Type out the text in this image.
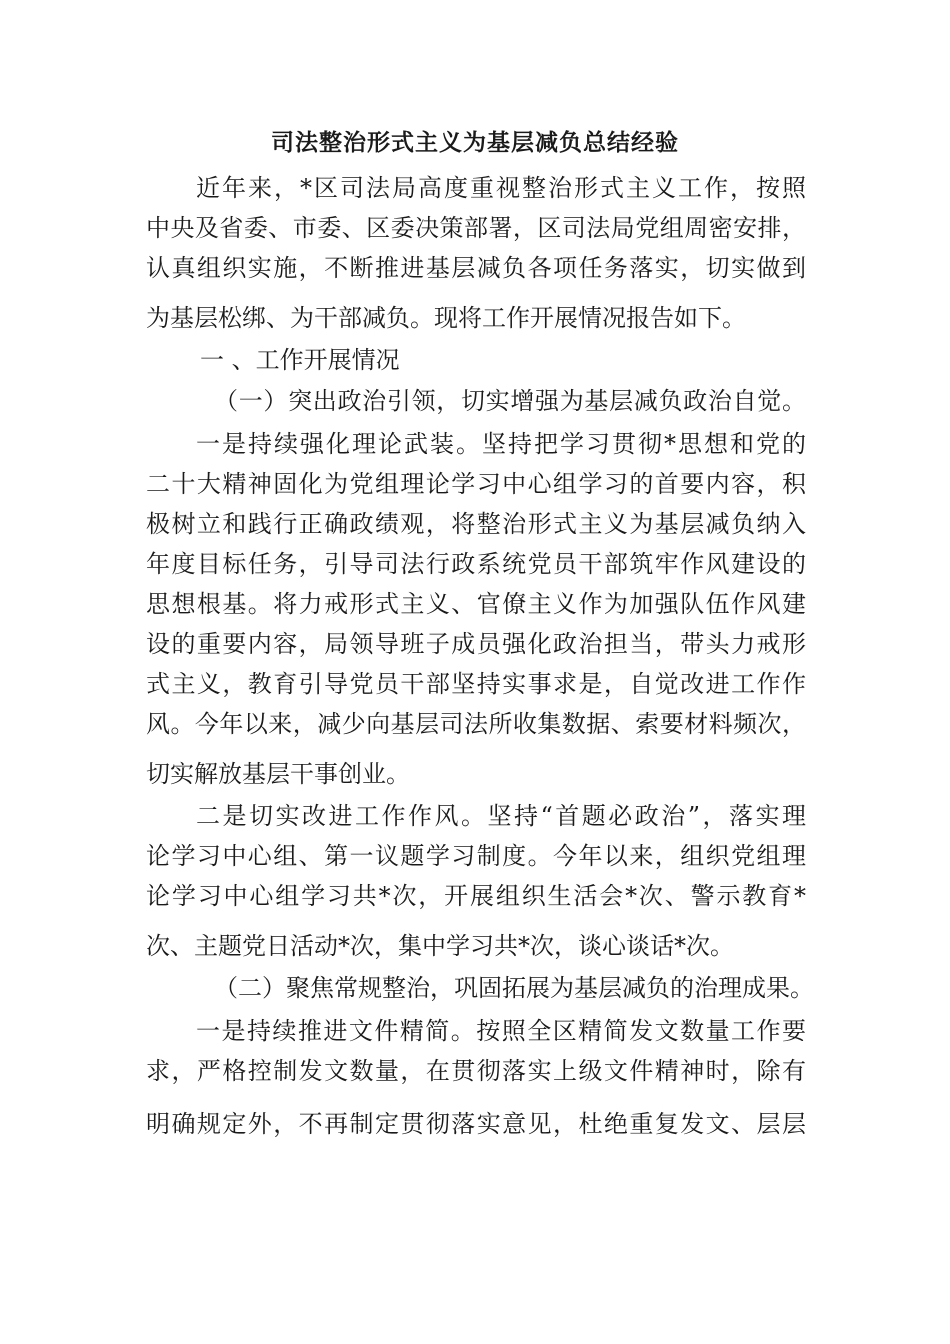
司法整治形式主义为基层减负总结经验
近年来，*区司法局高度重视整治形式主义工作，按照
中央及省委、市委、区委决策部署，区司法局党组周密安排，
认真组织实施，不断推进基层减负各项任务落实，切实做到
为基层松绑、为干部减负。现将工作开展情况报告如下。
一 、工作开展情况
（一）突出政治引领，切实增强为基层减负政治自觉。
一是持续强化理论武装。坚持把学习贯彻*思想和党的
二十大精神固化为党组理论学习中心组学习的首要内容，积
极树立和践行正确政绩观，将整治形式主义为基层减负纳入
年度目标任务，引导司法行政系统党员干部筑牢作风建设的
思想根基。将力戒形式主义、官僚主义作为加强队伍作风建
设的重要内容，局领导班子成员强化政治担当，带头力戒形
式主义，教育引导党员干部坚持实事求是，自觉改进工作作
风。今年以来，减少向基层司法所收集数据、索要材料频次，
切实解放基层干事创业。
二是切实改进工作作风。坚持“首题必政治”，落实理
论学习中心组、第一议题学习制度。今年以来，组织党组理
论学习中心组学习共*次，开展组织生活会*次、警示教育*
次、主题党日活动*次，集中学习共*次，谈心谈话*次。
（二）聚焦常规整治，巩固拓展为基层减负的治理成果。
一是持续推进文件精简。按照全区精简发文数量工作要
求，严格控制发文数量，在贯彻落实上级文件精神时，除有
明确规定外，不再制定贯彻落实意见，杜绝重复发文、层层
